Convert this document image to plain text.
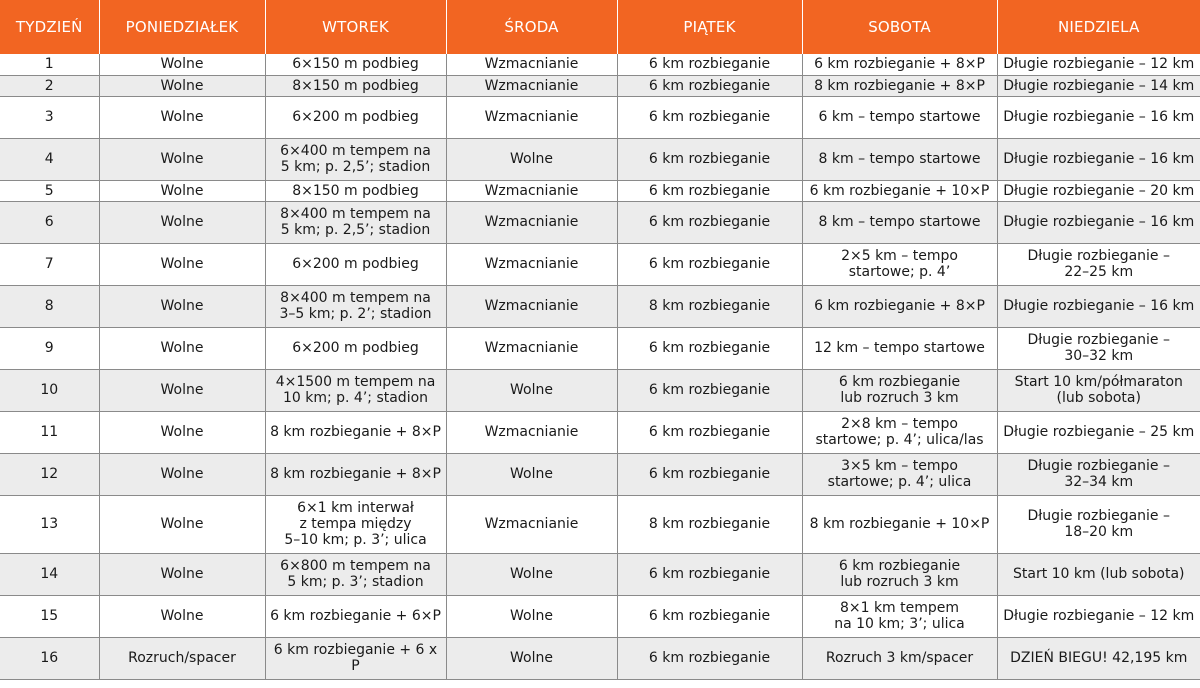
TYDZIEŃ	PONIEDZIAŁEK	WTOREK	ŚRODA	PIĄTEK	SOBOTA	NIEDZIELA
1	Wolne	6×150 m podbieg	Wzmacnianie	6 km rozbieganie	6 km rozbieganie + 8×P	Długie rozbieganie – 12 km
2	Wolne	8×150 m podbieg	Wzmacnianie	6 km rozbieganie	8 km rozbieganie + 8×P	Długie rozbieganie – 14 km
3	Wolne	6×200 m podbieg	Wzmacnianie	6 km rozbieganie	6 km – tempo startowe	Długie rozbieganie – 16 km
4	Wolne	6×400 m tempem na
5 km; p. 2,5’; stadion	Wolne	6 km rozbieganie	8 km – tempo startowe	Długie rozbieganie – 16 km
5	Wolne	8×150 m podbieg	Wzmacnianie	6 km rozbieganie	6 km rozbieganie + 10×P	Długie rozbieganie – 20 km
6	Wolne	8×400 m tempem na
5 km; p. 2,5’; stadion	Wzmacnianie	6 km rozbieganie	8 km – tempo startowe	Długie rozbieganie – 16 km
7	Wolne	6×200 m podbieg	Wzmacnianie	6 km rozbieganie	2×5 km – tempo
startowe; p. 4’	Długie rozbieganie –
22–25 km
8	Wolne	8×400 m tempem na
3–5 km; p. 2’; stadion	Wzmacnianie	8 km rozbieganie	6 km rozbieganie + 8×P	Długie rozbieganie – 16 km
9	Wolne	6×200 m podbieg	Wzmacnianie	6 km rozbieganie	12 km – tempo startowe	Długie rozbieganie –
30–32 km
10	Wolne	4×1500 m tempem na
10 km; p. 4’; stadion	Wolne	6 km rozbieganie	6 km rozbieganie
lub rozruch 3 km	Start 10 km/półmaraton
(lub sobota)
11	Wolne	8 km rozbieganie + 8×P	Wzmacnianie	6 km rozbieganie	2×8 km – tempo
startowe; p. 4’; ulica/las	Długie rozbieganie – 25 km
12	Wolne	8 km rozbieganie + 8×P	Wolne	6 km rozbieganie	3×5 km – tempo
startowe; p. 4’; ulica	Długie rozbieganie –
32–34 km
13	Wolne	6×1 km interwał
z tempa między
5–10 km; p. 3’; ulica	Wzmacnianie	8 km rozbieganie	8 km rozbieganie + 10×P	Długie rozbieganie –
18–20 km
14	Wolne	6×800 m tempem na
5 km; p. 3’; stadion	Wolne	6 km rozbieganie	6 km rozbieganie
lub rozruch 3 km	Start 10 km (lub sobota)
15	Wolne	6 km rozbieganie + 6×P	Wolne	6 km rozbieganie	8×1 km tempem
na 10 km; 3’; ulica	Długie rozbieganie – 12 km
16	Rozruch/spacer	6 km rozbieganie + 6 x P	Wolne	6 km rozbieganie	Rozruch 3 km/spacer	DZIEŃ BIEGU! 42,195 km
